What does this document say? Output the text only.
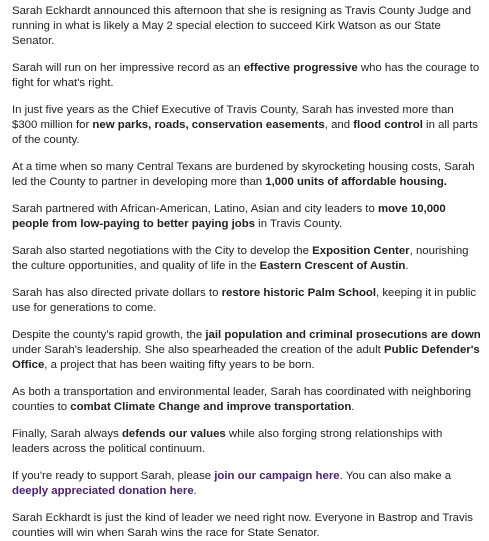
Sarah Eckhardt announced this afternoon that she is resigning as Travis County Judge and running in what is likely a May 2 special election to succeed Kirk Watson as our State Senator.

Sarah will run on her impressive record as an effective progressive who has the courage to fight for what's right.

In just five years as the Chief Executive of Travis County, Sarah has invested more than $300 million for new parks, roads, conservation easements, and flood control in all parts of the county.

At a time when so many Central Texans are burdened by skyrocketing housing costs, Sarah led the County to partner in developing more than 1,000 units of affordable housing.

Sarah partnered with African-American, Latino, Asian and city leaders to move 10,000 people from low-paying to better paying jobs in Travis County.

Sarah also started negotiations with the City to develop the Exposition Center, nourishing the culture opportunities, and quality of life in the Eastern Crescent of Austin.

Sarah has also directed private dollars to restore historic Palm School, keeping it in public use for generations to come.

Despite the county's rapid growth, the jail population and criminal prosecutions are down under Sarah's leadership. She also spearheaded the creation of the adult Public Defender's Office, a project that has been waiting fifty years to be born.

As both a transportation and environmental leader, Sarah has coordinated with neighboring counties to combat Climate Change and improve transportation.

Finally, Sarah always defends our values while also forging strong relationships with leaders across the political continuum.

If you're ready to support Sarah, please join our campaign here. You can also make a deeply appreciated donation here.

Sarah Eckhardt is just the kind of leader we need right now. Everyone in Bastrop and Travis counties will win when Sarah wins the race for State Senator.
